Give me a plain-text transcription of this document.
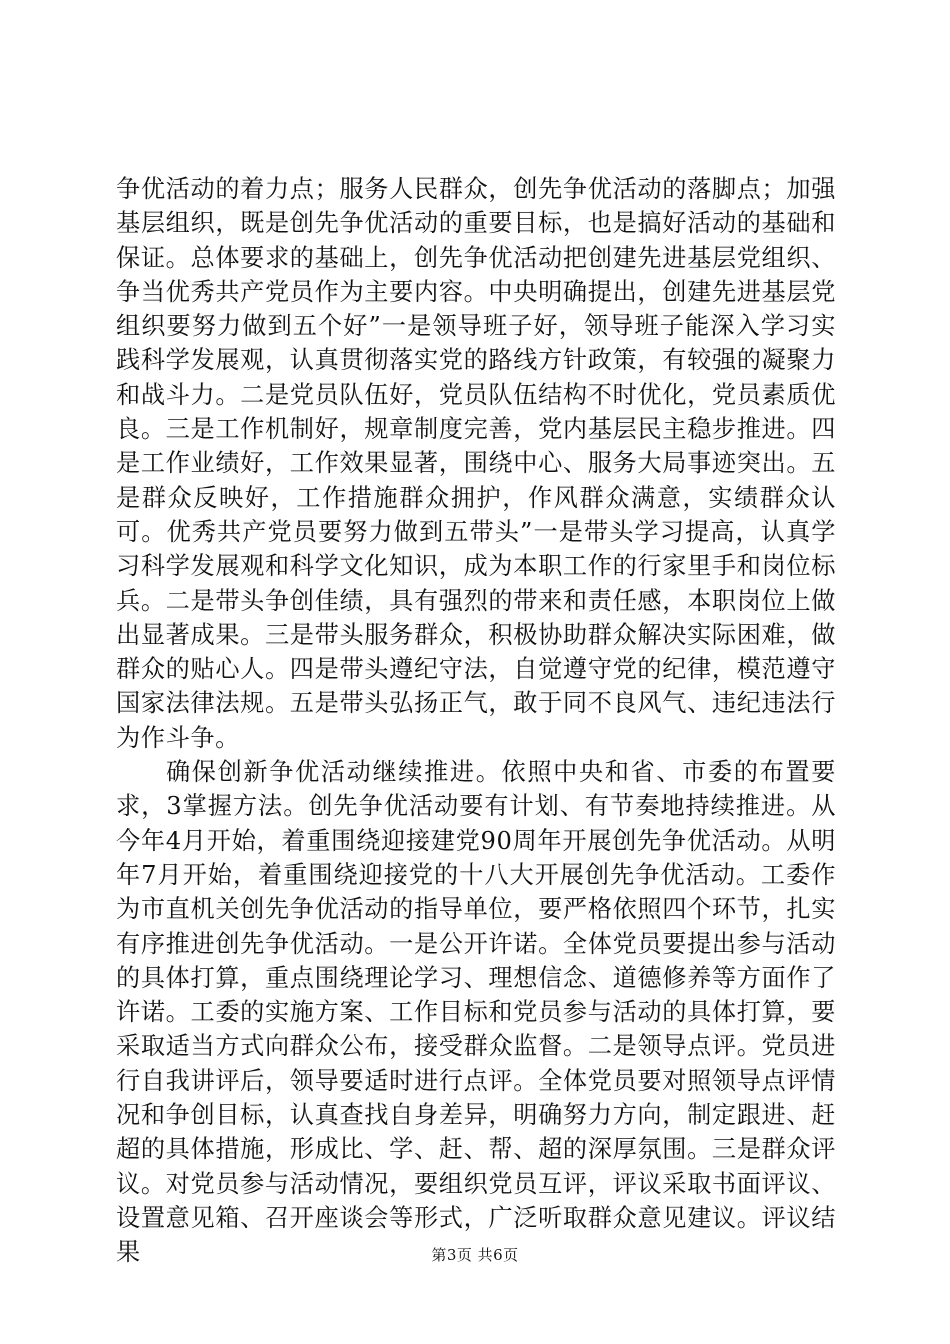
争优活动的着力点；服务人民群众，创先争优活动的落脚点；加强基层组织，既是创先争优活动的重要目标，也是搞好活动的基础和保证。总体要求的基础上，创先争优活动把创建先进基层党组织、争当优秀共产党员作为主要内容。中央明确提出，创建先进基层党组织要努力做到五个好”一是领导班子好，领导班子能深入学习实践科学发展观，认真贯彻落实党的路线方针政策，有较强的凝聚力和战斗力。二是党员队伍好，党员队伍结构不时优化，党员素质优良。三是工作机制好，规章制度完善，党内基层民主稳步推进。四是工作业绩好，工作效果显著，围绕中心、服务大局事迹突出。五是群众反映好，工作措施群众拥护，作风群众满意，实绩群众认可。优秀共产党员要努力做到五带头”一是带头学习提高，认真学习科学发展观和科学文化知识，成为本职工作的行家里手和岗位标兵。二是带头争创佳绩，具有强烈的带来和责任感，本职岗位上做出显著成果。三是带头服务群众，积极协助群众解决实际困难，做群众的贴心人。四是带头遵纪守法，自觉遵守党的纪律，模范遵守国家法律法规。五是带头弘扬正气，敢于同不良风气、违纪违法行为作斗争。

确保创新争优活动继续推进。依照中央和省、市委的布置要求，3掌握方法。创先争优活动要有计划、有节奏地持续推进。从今年4月开始，着重围绕迎接建党90周年开展创先争优活动。从明年7月开始，着重围绕迎接党的十八大开展创先争优活动。工委作为市直机关创先争优活动的指导单位，要严格依照四个环节，扎实有序推进创先争优活动。一是公开许诺。全体党员要提出参与活动的具体打算，重点围绕理论学习、理想信念、道德修养等方面作了许诺。工委的实施方案、工作目标和党员参与活动的具体打算，要采取适当方式向群众公布，接受群众监督。二是领导点评。党员进行自我讲评后，领导要适时进行点评。全体党员要对照领导点评情况和争创目标，认真查找自身差异，明确努力方向，制定跟进、赶超的具体措施，形成比、学、赶、帮、超的深厚氛围。三是群众评议。对党员参与活动情况，要组织党员互评，评议采取书面评议、设置意见箱、召开座谈会等形式，广泛听取群众意见建议。评议结果	第3页 共6页
